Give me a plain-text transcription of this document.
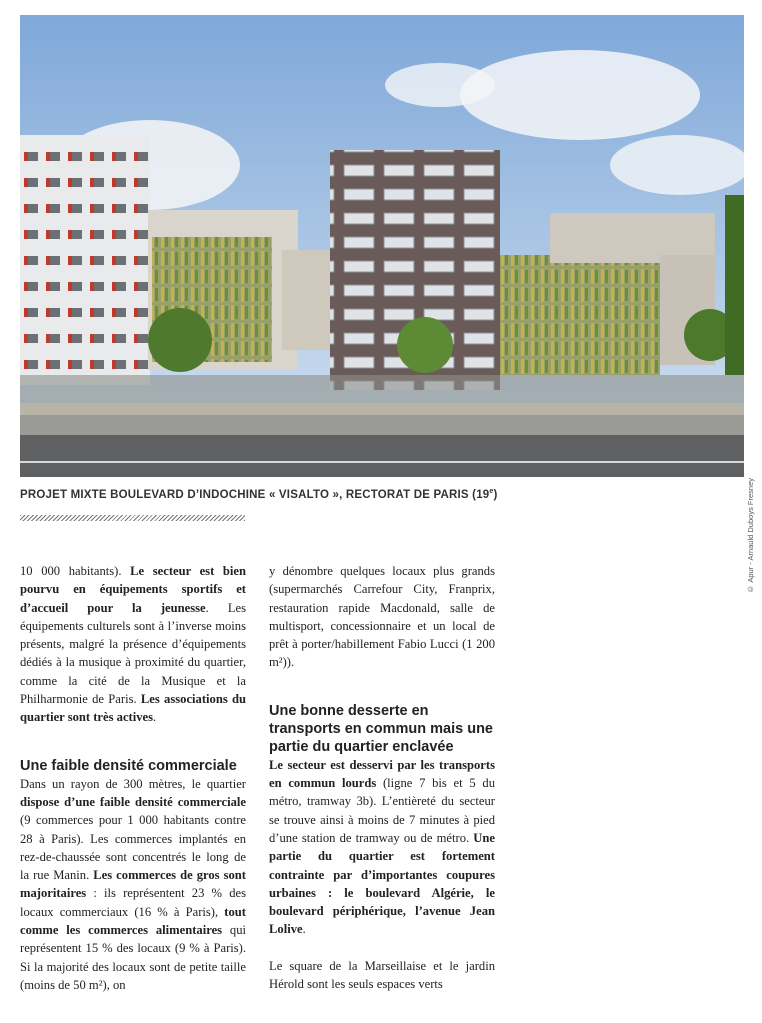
© Apur - Arnauld Duboys Fresney
PROJET MIXTE BOULEVARD D’INDOCHINE « VISALTO », RECTORAT DE PARIS (19e)

10 000 habitants). Le secteur est bien pourvu en équipements sportifs et d’accueil pour la jeunesse. Les équipements culturels sont à l’inverse moins présents, malgré la présence d’équipements dédiés à la musique à proximité du quartier, comme la cité de la Musique et la Philharmonie de Paris. Les associations du quartier sont très actives.

Une faible densité commerciale

Dans un rayon de 300 mètres, le quartier dispose d’une faible densité commerciale (9 commerces pour 1 000 habitants contre 28 à Paris). Les commerces implantés en rez-de-chaussée sont concentrés le long de la rue Manin. Les commerces de gros sont majoritaires : ils représentent 23 % des locaux commerciaux (16 % à Paris), tout comme les commerces alimentaires qui représentent 15 % des locaux (9 % à Paris). Si la majorité des locaux sont de petite taille (moins de 50 m²), on

y dénombre quelques locaux plus grands (supermarchés Carrefour City, Franprix, restauration rapide Macdonald, salle de multisport, concessionnaire et un local de prêt à porter/habillement Fabio Lucci (1 200 m²)).

Une bonne desserte en transports en commun mais une partie du quartier enclavée

Le secteur est desservi par les transports en commun lourds (ligne 7 bis et 5 du métro, tramway 3b). L’entièreté du secteur se trouve ainsi à moins de 7 minutes à pied d’une station de tramway ou de métro. Une partie du quartier est fortement contrainte par d’importantes coupures urbaines : le boulevard Algérie, le boulevard périphérique, l’avenue Jean Lolive.

Le square de la Marseillaise et le jardin Hérold sont les seuls espaces verts
